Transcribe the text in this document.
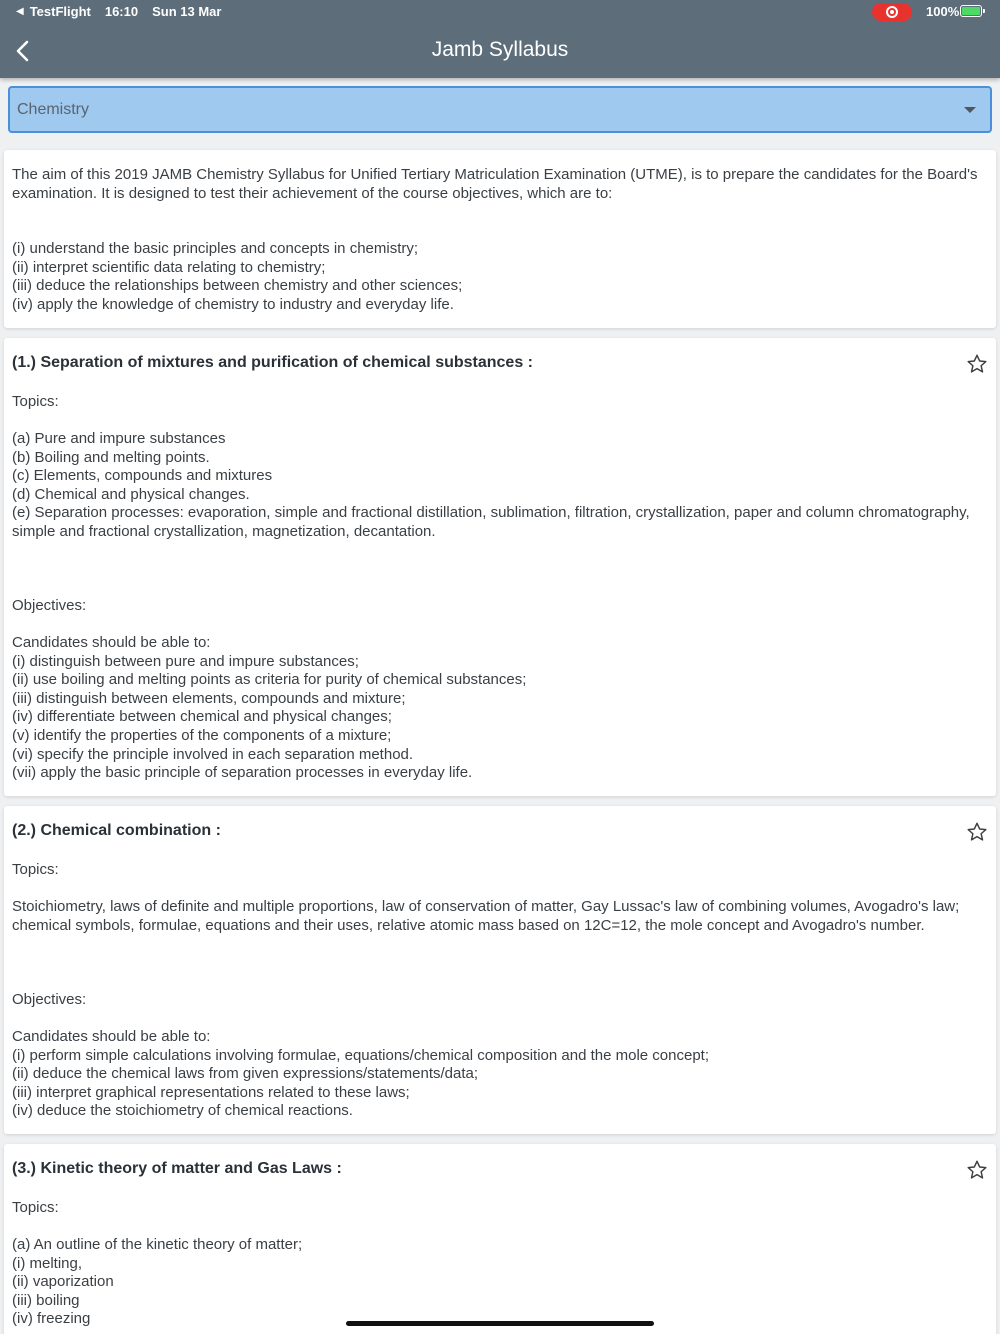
◀ TestFlight 16:10 Sun 13 Mar	100%
Jamb Syllabus
Chemistry

The aim of this 2019 JAMB Chemistry Syllabus for Unified Tertiary Matriculation Examination (UTME), is to prepare the candidates for the Board's examination. It is designed to test their achievement of the course objectives, which are to:

(i) understand the basic principles and concepts in chemistry;
(ii) interpret scientific data relating to chemistry;
(iii) deduce the relationships between chemistry and other sciences;
(iv) apply the knowledge of chemistry to industry and everyday life.
(1.) Separation of mixtures and purification of chemical substances :
Topics:
(a) Pure and impure substances
(b) Boiling and melting points.
(c) Elements, compounds and mixtures
(d) Chemical and physical changes.
(e) Separation processes: evaporation, simple and fractional distillation, sublimation, filtration, crystallization, paper and column chromatography,
simple and fractional crystallization, magnetization, decantation.
Objectives:
Candidates should be able to:
(i) distinguish between pure and impure substances;
(ii) use boiling and melting points as criteria for purity of chemical substances;
(iii) distinguish between elements, compounds and mixture;
(iv) differentiate between chemical and physical changes;
(v) identify the properties of the components of a mixture;
(vi) specify the principle involved in each separation method.
(vii) apply the basic principle of separation processes in everyday life.
(2.) Chemical combination :
Topics:
Stoichiometry, laws of definite and multiple proportions, law of conservation of matter, Gay Lussac's law of combining volumes, Avogadro's law;
chemical symbols, formulae, equations and their uses, relative atomic mass based on 12C=12, the mole concept and Avogadro's number.
Objectives:
Candidates should be able to:
(i) perform simple calculations involving formulae, equations/chemical composition and the mole concept;
(ii) deduce the chemical laws from given expressions/statements/data;
(iii) interpret graphical representations related to these laws;
(iv) deduce the stoichiometry of chemical reactions.
(3.) Kinetic theory of matter and Gas Laws :
Topics:
(a) An outline of the kinetic theory of matter;
(i) melting,
(ii) vaporization
(iii) boiling
(iv) freezing
